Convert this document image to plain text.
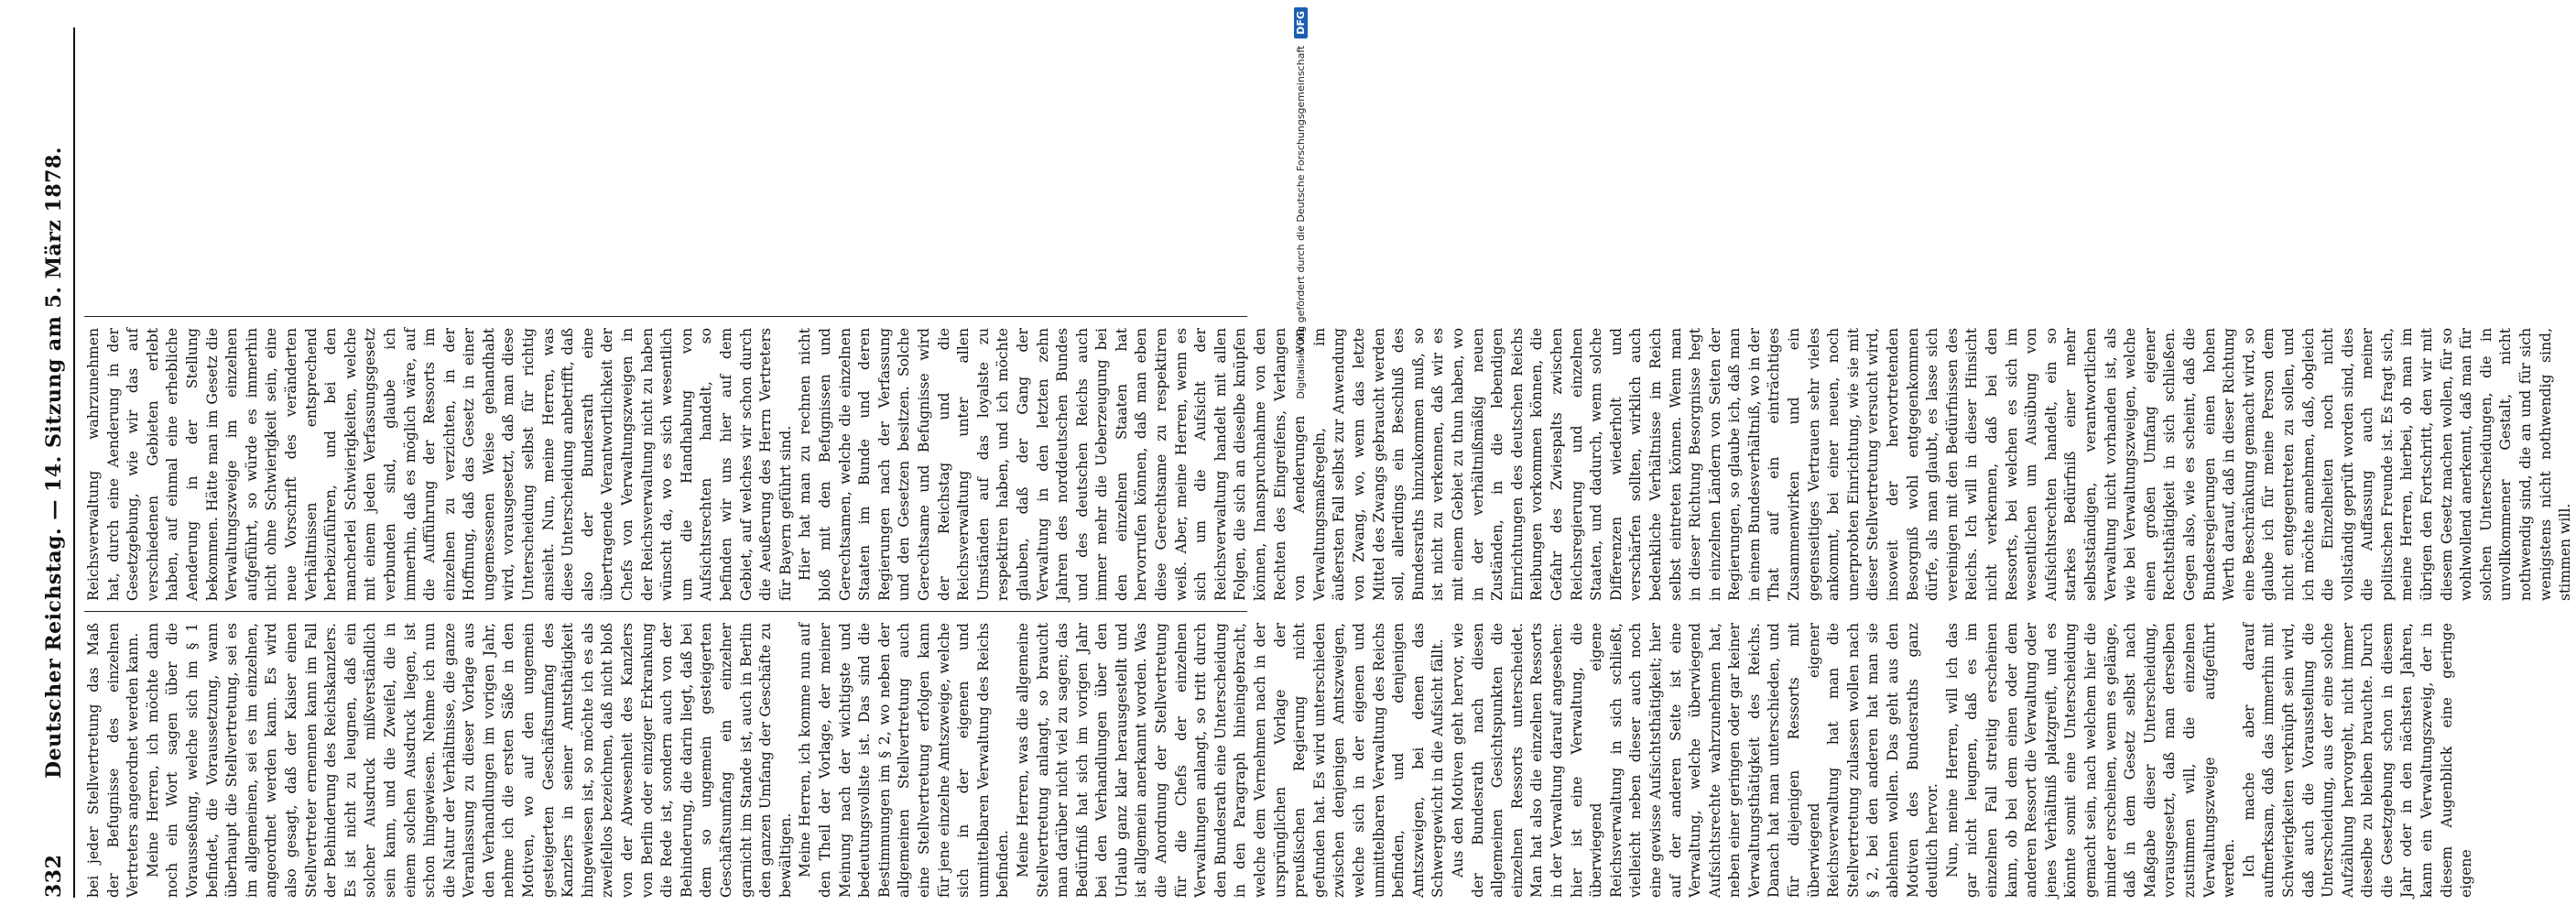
332
Deutscher Reichstag. — 14. Sitzung am 5. März 1878. bei jeder Stellvertretung das Maß der Befugnisse des einzelnen Vertreters angeordnet werden kann. Meine Herren, ich möchte dann noch ein Wort sagen über die Vorausseßung, welche sich im § 1 befindet, die Voraussetzung, wann überhaupt die Stellvertretung, sei es im allgemeinen, sei es im einzelnen, angeordnet werden kann. Es wird also gesagt, daß der Kaiser einen Stellvertreter ernennen kann im Fall der Behinderung des Reichskanzlers. Es ist nicht zu leugnen, daß ein solcher Ausdruck mißverständlich sein kann, und die Zweifel, die in einem solchen Ausdruck liegen, ist schon hingewiesen. Nehme ich nun die Natur der Verhältnisse, die ganze Veranlassung zu dieser Vorlage aus den Verhandlungen im vorigen Jahr, nehme ich die ersten Säße in den Motiven, wo auf den ungemein gesteigerten Geschäftsumfang des Kanzlers in seiner Amtsthätigkeit hingewiesen ist, so möchte ich es als zweifellos bezeichnen, daß nicht bloß von der Abwesenheit des Kanzlers von Berlin oder einziger Erkrankung die Rede ist, sondern auch von der Behinderung, die darin liegt, daß bei dem so ungemein gesteigerten Geschäftsumfang ein einzelner garnicht im Stande ist, auch in Berlin den ganzen Umfang der Geschäfte zu bewältigen. Meine Herren, ich komme nun auf den Theil der Vorlage, der meiner Meinung nach der wichtigste und bedeutungsvollste ist. Das sind die Bestimmungen im § 2, wo neben der allgemeinen Stellvertretung auch eine Stellvertretung erfolgen kann für jene einzelne Amtszweige, welche sich in der eigenen und unmittelbaren Verwaltung des Reichs befinden. Meine Herren, was die allgemeine Stellvertretung anlangt, so braucht man darüber nicht viel zu sagen; das Bedürfniß hat sich im vorigen Jahr bei den Verhandlungen über den Urlaub ganz klar herausgestellt und ist allgemein anerkannt worden. Was die Anordnung der Stellvertretung für die Chefs der einzelnen Verwaltungen anlangt, so tritt durch den Bundesrath eine Unterscheidung in den Paragraph hineingebracht, welche dem Vernehmen nach in der ursprünglichen Vorlage der preußischen Regierung nicht gefunden hat. Es wird unterschieden zwischen denjenigen Amtszweigen, welche sich in der eigenen und unmittelbaren Verwaltung des Reichs befinden, und denjenigen Amtszweigen, bei denen das Schwergewicht in die Aufsicht fällt. Aus den Motiven geht hervor, wie der Bundesrath nach diesen allgemeinen Gesichtspunkten die einzelnen Ressorts unterscheidet. Man hat also die einzelnen Ressorts in der Verwaltung darauf angesehen: hier ist eine Verwaltung, die überwiegend eigene Reichsverwaltung in sich schließt, vielleicht neben dieser auch noch eine gewisse Aufsichtsthätigkeit; hier auf der anderen Seite ist eine Verwaltung, welche überwiegend Aufsichtsrechte wahrzunehmen hat, neben einer geringen oder gar keiner Verwaltungsthätigkeit des Reichs. Danach hat man unterschieden, und für diejenigen Ressorts mit überwiegend eigener Reichsverwaltung hat man die Stellvertretung zulassen wollen nach § 2, bei den anderen hat man sie ablehnen wollen. Das geht aus den Motiven des Bundesraths ganz deutlich hervor. Nun, meine Herren, will ich das gar nicht leugnen, daß es im einzelnen Fall streitig erscheinen kann, ob bei dem einen oder dem anderen Ressort die Verwaltung oder jenes Verhältniß platzgreift, und es könnte somit eine Unterscheidung gemacht sein, nach welchem hier die minder erscheinen, wenn es gelänge, daß in dem Gesetz selbst nach Maßgabe dieser Unterscheidung, vorausgesetzt, daß man derselben zustimmen will, die einzelnen Verwaltungszweige aufgeführt werden. Ich mache aber darauf aufmerksam, daß das immerhin mit Schwierigkeiten verknüpft sein wird, daß auch die Vorausstellung die Unterscheidung, aus der eine solche Aufzählung hervorgeht, nicht immer dieselbe zu bleiben brauchte. Durch die Gesetzgebung schon in diesem Jahr oder in den nächsten Jahren, kann ein Verwaltungszweig, der in diesem Augenblick eine geringe eigene

Reichsverwaltung wahrzunehmen hat, durch eine Aenderung in der Gesetzgebung, wie wir das auf verschiedenen Gebieten erlebt haben, auf einmal eine erhebliche Aenderung in der Stellung bekommen. Hätte man im Gesetz die Verwaltungszweige im einzelnen aufgeführt, so würde es immerhin nicht ohne Schwierigkeit sein, eine neue Vorschrift des veränderten Verhältnissen entsprechend herbeizuführen, und bei den mancherlei Schwierigkeiten, welche mit einem jeden Verfassungsgesetz verbunden sind, glaube ich immerhin, daß es möglich wäre, auf die Aufführung der Ressorts im einzelnen zu verzichten, in der Hoffnung, daß das Gesetz in einer ungemessenen Weise gehandhabt wird, vorausgesetzt, daß man diese Unterscheidung selbst für richtig ansieht. Nun, meine Herren, was diese Unterscheidung anbetrifft, daß also der Bundesrath eine übertragende Verantwortlichkeit der Chefs von Verwaltungszweigen in der Reichsverwaltung nicht zu haben wünscht da, wo es sich wesentlich um die Handhabung von Aufsichtsrechten handelt, so befinden wir uns hier auf dem Gebiet, auf welches wir schon durch die Aeußerung des Herrn Vertreters für Bayern geführt sind. Hier hat man zu rechnen nicht bloß mit den Befugnissen und Gerechtsamen, welche die einzelnen Staaten im Bunde und deren Regierungen nach der Verfassung und den Gesetzen besitzen. Solche Gerechtsame und Befugnisse wird der Reichstag und die Reichsverwaltung unter allen Umständen auf das loyalste zu respektiren haben, und ich möchte glauben, daß der Gang der Verwaltung in den letzten zehn Jahren des norddeutschen Bundes und des deutschen Reichs auch immer mehr die Ueberzeugung bei den einzelnen Staaten hat hervorrufen können, daß man eben diese Gerechtsame zu respektiren weiß. Aber, meine Herren, wenn es sich um die Aufsicht der Reichsverwaltung handelt mit allen Folgen, die sich an dieselbe knüpfen können, Inanspruchnahme von den Rechten des Eingreifens, Verlangen von Aenderungen von Verwaltungsmaßregeln, im äußersten Fall selbst zur Anwendung von Zwang, wo, wenn das letzte Mittel des Zwangs gebraucht werden soll, allerdings ein Beschluß des Bundesraths hinzukommen muß, so ist nicht zu verkennen, daß wir es mit einem Gebiet zu thun haben, wo in der verhältnißmäßig neuen Zuständen, in die lebendigen Einrichtungen des deutschen Reichs Reibungen vorkommen können, die Gefahr des Zwiespalts zwischen Reichsregierung und einzelnen Staaten, und dadurch, wenn solche Differenzen wiederholt und verschärfen sollten, wirklich auch bedenkliche Verhältnisse im Reich selbst eintreten können. Wenn man in dieser Richtung Besorgnisse hegt in einzelnen Ländern von Seiten der Regierungen, so glaube ich, daß man in einem Bundesverhältniß, wo in der That auf ein einträchtiges Zusammenwirken und ein gegenseitiges Vertrauen sehr vieles ankommt, bei einer neuen, noch unerprobten Einrichtung, wie sie mit dieser Stellvertretung versucht wird, insoweit der hervortretenden Besorgniß wohl entgegenkommen dürfe, als man glaubt, es lasse sich vereinigen mit den Bedürfnissen des Reichs. Ich will in dieser Hinsicht nicht verkennen, daß bei den Ressorts, bei welchen es sich im wesentlichen um Ausübung von Aufsichtsrechten handelt, ein so starkes Bedürfniß einer mehr selbstständigen, verantwortlichen Verwaltung nicht vorhanden ist, als wie bei Verwaltungszweigen, welche einen großen Umfang eigener Rechtsthätigkeit in sich schließen. Gegen also, wie es scheint, daß die Bundesregierungen einen hohen Werth darauf, daß in dieser Richtung eine Beschränkung gemacht wird, so glaube ich für meine Person dem nicht entgegentreten zu sollen, und ich möchte annehmen, daß, obgleich die Einzelheiten noch nicht vollständig geprüft worden sind, dies die Auffassung auch meiner politischen Freunde ist. Es fragt sich, meine Herren, hierbei, ob man im übrigen den Fortschritt, den wir mit diesem Gesetz machen wollen, für so wohlwollend anerkennt, daß man für solchen Unterscheidungen, die in unvollkommener Gestalt, nicht nothwendig sind, die an und für sich wenigstens nicht nothwendig sind, stimmen will.

Digitalisierung gefördert durch die Deutsche Forschungsgemeinschaft
DFG
